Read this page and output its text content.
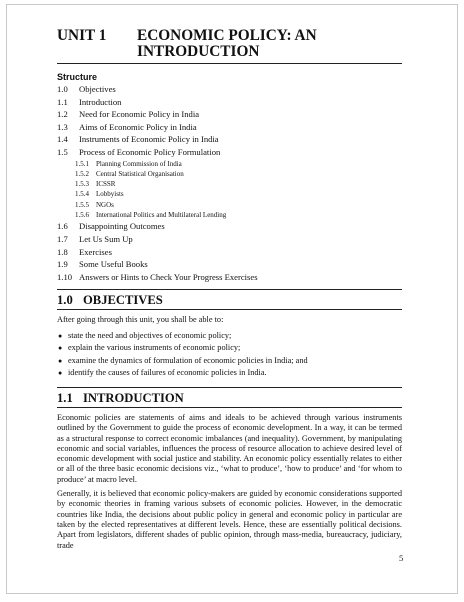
UNIT 1 ECONOMIC POLICY: AN
INTRODUCTION
Structure
1.0 Objectives
1.1 Introduction
1.2 Need for Economic Policy in India
1.3 Aims of Economic Policy in India
1.4 Instruments of Economic Policy in India
1.5 Process of Economic Policy Formulation
1.5.1 Planning Commission of India
1.5.2 Central Statistical Organisation
1.5.3 ICSSR
1.5.4 Lobbyists
1.5.5 NGOs
1.5.6 International Politics and Multilateral Lending
1.6 Disappointing Outcomes
1.7 Let Us Sum Up
1.8 Exercises
1.9 Some Useful Books
1.10 Answers or Hints to Check Your Progress Exercises
1.0 OBJECTIVES

After going through this unit, you shall be able to:

● state the need and objectives of economic policy;
● explain the various instruments of economic policy;
● examine the dynamics of formulation of economic policies in India; and
● identify the causes of failures of economic policies in India.
1.1 INTRODUCTION

Economic policies are statements of aims and ideals to be achieved through various instruments outlined by the Government to guide the process of economic development. In a way, it can be termed as a structural response to correct economic imbalances (and inequality). Government, by manipulating economic and social variables, influences the process of resource allocation to achieve desired level of economic development with social justice and stability. An economic policy essentially relates to either or all of the three basic economic decisions viz., ‘what to produce’, ‘how to produce’ and ‘for whom to produce’ at macro level.

Generally, it is believed that economic policy-makers are guided by economic considerations supported by economic theories in framing various subsets of economic policies. However, in the democratic countries like India, the decisions about public policy in general and economic policy in particular are taken by the elected representatives at different levels. Hence, these are essentially political decisions. Apart from legislators, different shades of public opinion, through mass-media, bureaucracy, judiciary, trade

5
